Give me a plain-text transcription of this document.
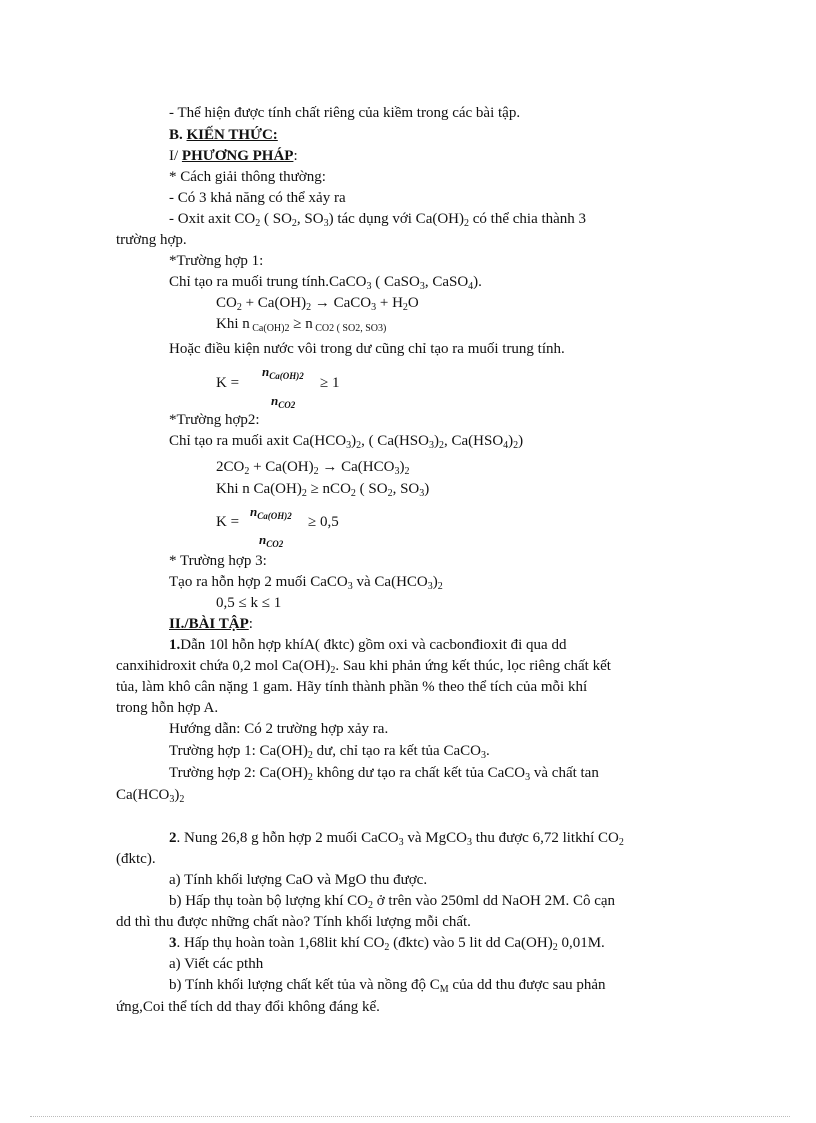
- Thể hiện được tính chất riêng của kiềm trong các bài tập.
B. KIẾN THỨC:
I/ PHƯƠNG PHÁP:
* Cách giải thông thường:
- Có 3 khả năng có thể xảy ra
- Oxit axit $CO_2$ ( $SO_2$, $SO_3$) tác dụng với $Ca(OH)_2$ có thể chia thành 3
trường hợp.
*Trường hợp 1:
Chỉ tạo ra muối trung tính.CaCO$_3$ ( CaSO$_3$, CaSO$_4$).
$CO_2 + Ca(OH)_2$ → CaCO$_3$ + $H_2O$
Khi n $_{Ca(OH)2}$ ≥ n $_{CO2 ( SO2, SO3)}$
Hoặc điều kiện nước vôi trong dư cũng chỉ tạo ra muối trung tính.
K =
$n_{Ca(OH)2}$
$n_{CO2}$
≥ 1
*Trường hợp2:
Chỉ tạo ra muối axit $Ca(HCO_3)_2$, ( $Ca(HSO_3)_2$, $Ca(HSO_4)_2$)
$2CO_2 + Ca(OH)_2 \to Ca(HCO_3)_2$
Khi n $Ca(OH)_2 \ge nCO_2$ ( $SO_2$, $SO_3$)
K =
$n_{Ca(OH)2}$
$n_{CO2}$
≥ 0,5
* Trường hợp 3:
Tạo ra hỗn hợp 2 muối CaCO$_3$ và $Ca(HCO_3)_2$
0,5 ≤ k ≤ 1
II./BÀI TẬP:
1.Dẫn 10l hỗn hợp khíA( đktc) gồm oxi và cacbonđioxit đi qua dd
canxihidroxit chứa 0,2 mol $Ca(OH)_2$. Sau khi phản ứng kết thúc, lọc riêng chất kết
tủa, làm khô cân nặng 1 gam. Hãy tính thành phần % theo thể tích của mỗi khí
trong hỗn hợp A.
Hướng dẫn: Có 2 trường hợp xảy ra.
Trường hợp 1: $Ca(OH)_2$ dư, chỉ tạo ra kết tủa CaCO$_3$.
Trường hợp 2: $Ca(OH)_2$ không dư tạo ra chất kết tủa CaCO$_3$ và chất tan
$Ca(HCO_3)_2$
2. Nung 26,8 g hỗn hợp 2 muối CaCO$_3$ và MgCO$_3$ thu được 6,72 litkhí $CO_2$
(đktc).
a) Tính khối lượng CaO và MgO thu được.
b) Hấp thụ toàn bộ lượng khí $CO_2$ ở trên vào 250ml dd NaOH 2M. Cô cạn
dd thì thu được những chất nào? Tính khối lượng mỗi chất.
3. Hấp thụ hoàn toàn 1,68lit khí $CO_2$ (đktc) vào 5 lit dd $Ca(OH)_2$ 0,01M.
a) Viết các pthh
b) Tính khối lượng chất kết tủa và nồng độ $C_M$ của dd thu được sau phản
ứng,Coi thể tích dd thay đổi không đáng kể.
